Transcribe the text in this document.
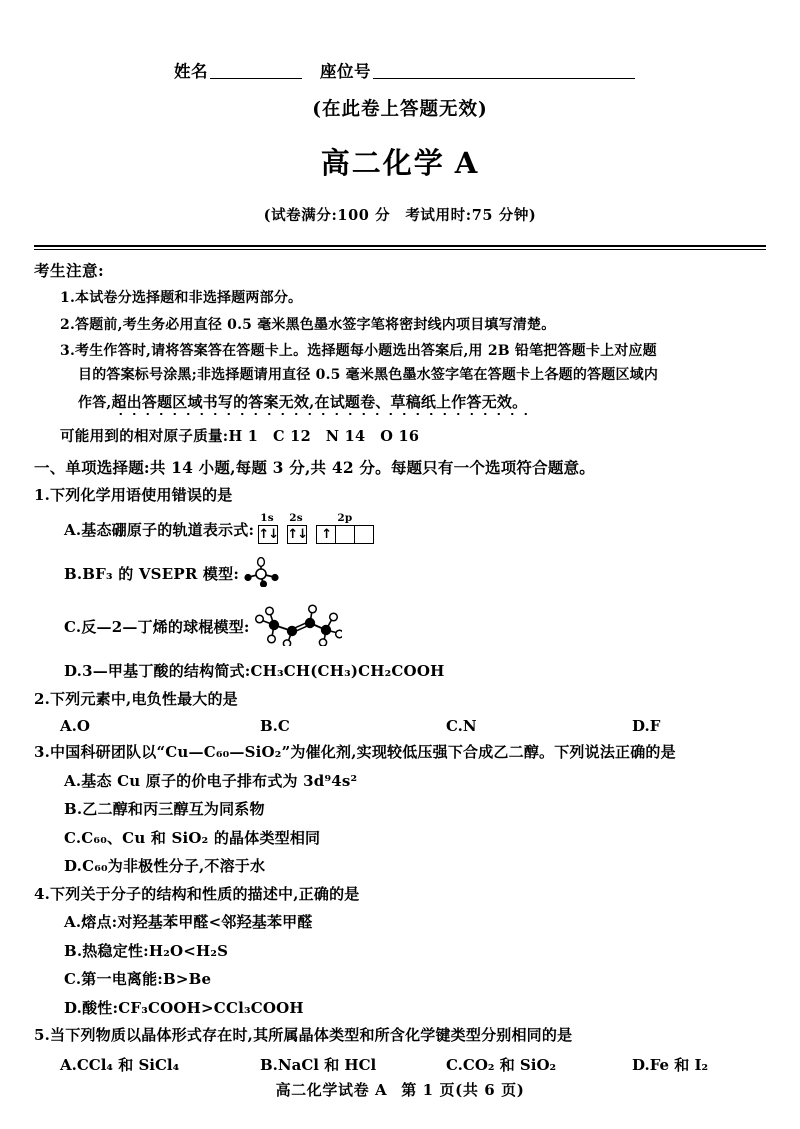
姓名	座位号
(在此卷上答题无效)
高二化学 A
(试卷满分:100 分　考试用时:75 分钟)
考生注意:
1.本试卷分选择题和非选择题两部分。
2.答题前,考生务必用直径 0.5 毫米黑色墨水签字笔将密封线内项目填写清楚。
3.考生作答时,请将答案答在答题卡上。选择题每小题选出答案后,用 2B 铅笔把答题卡上对应题
目的答案标号涂黑;非选择题请用直径 0.5 毫米黑色墨水签字笔在答题卡上各题的答题区域内
作答,超出答题区域书写的答案无效,在试题卷、草稿纸上作答无效。
可能用到的相对原子质量:H 1　C 12　N 14　O 16
一、单项选择题:共 14 小题,每题 3 分,共 42 分。每题只有一个选项符合题意。
1.下列化学用语使用错误的是
A.基态硼原子的轨道表示式:
1s
↑↓
2s
↑↓
2p
↑
B.BF₃ 的 VSEPR 模型:
C.反—2—丁烯的球棍模型:
D.3—甲基丁酸的结构简式:CH₃CH(CH₃)CH₂COOH
2.下列元素中,电负性最大的是
A.O	B.C	C.N	D.F
3.中国科研团队以“Cu—C₆₀—SiO₂”为催化剂,实现较低压强下合成乙二醇。下列说法正确的是
A.基态 Cu 原子的价电子排布式为 3d⁹4s²
B.乙二醇和丙三醇互为同系物
C.C₆₀、Cu 和 SiO₂ 的晶体类型相同
D.C₆₀为非极性分子,不溶于水
4.下列关于分子的结构和性质的描述中,正确的是
A.熔点:对羟基苯甲醛<邻羟基苯甲醛
B.热稳定性:H₂O<H₂S
C.第一电离能:B>Be
D.酸性:CF₃COOH>CCl₃COOH
5.当下列物质以晶体形式存在时,其所属晶体类型和所含化学键类型分别相同的是
A.CCl₄ 和 SiCl₄	B.NaCl 和 HCl	C.CO₂ 和 SiO₂	D.Fe 和 I₂
高二化学试卷 A 第 1 页(共 6 页)
